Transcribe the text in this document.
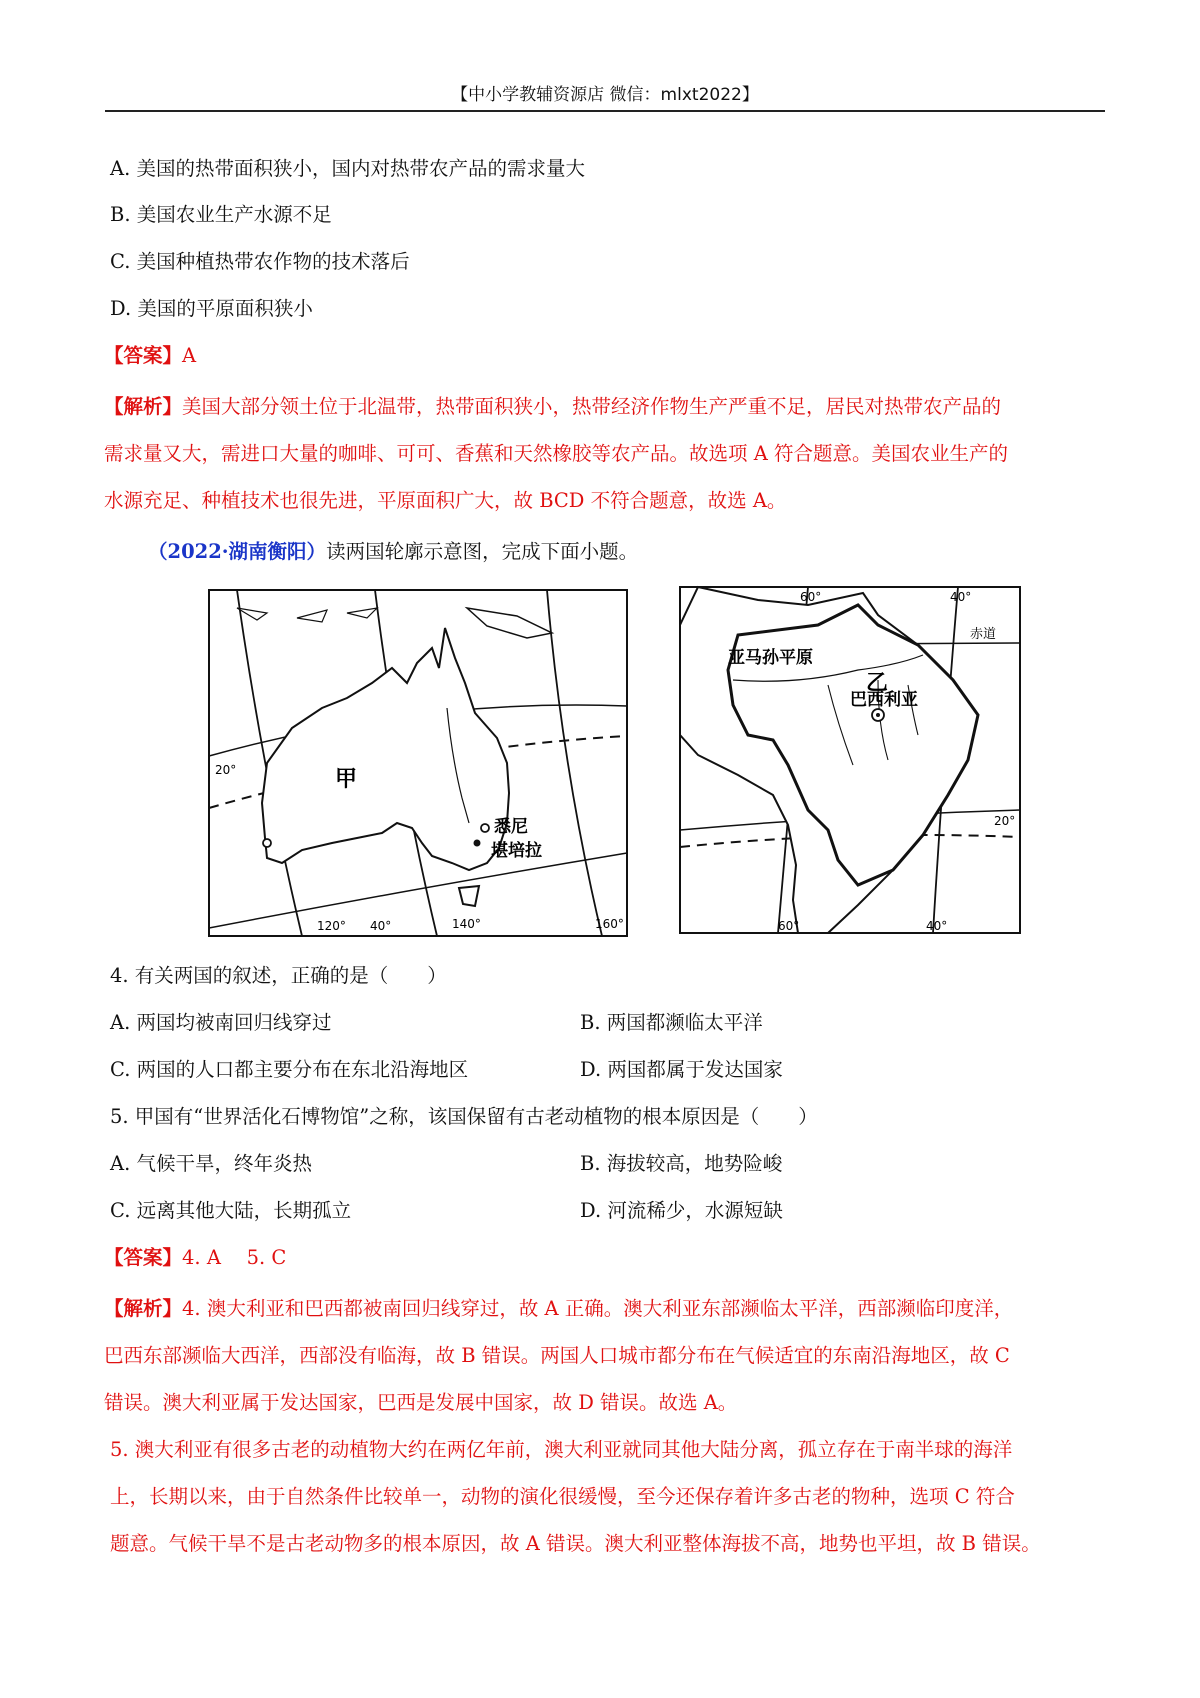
【中小学教辅资源店 微信：mlxt2022】
A. 美国的热带面积狭小，国内对热带农产品的需求量大
B. 美国农业生产水源不足
C. 美国种植热带农作物的技术落后
D. 美国的平原面积狭小
【答案】A
【解析】美国大部分领土位于北温带，热带面积狭小，热带经济作物生产严重不足，居民对热带农产品的
需求量又大，需进口大量的咖啡、可可、香蕉和天然橡胶等农产品。故选项 A 符合题意。美国农业生产的
水源充足、种植技术也很先进，平原面积广大，故 BCD 不符合题意，故选 A。
（2022·湖南衡阳）读两国轮廓示意图，完成下面小题。
甲
悉尼
堪培拉
20°
120° 40°	140°	160°
亚马孙平原
乙
巴西利亚
赤道
20°
60°	40°
60°	40°
4. 有关两国的叙述，正确的是（　　）
A. 两国均被南回归线穿过	B. 两国都濒临太平洋
C. 两国的人口都主要分布在东北沿海地区	D. 两国都属于发达国家
5. 甲国有“世界活化石博物馆”之称，该国保留有古老动植物的根本原因是（　　）
A. 气候干旱，终年炎热	B. 海拔较高，地势险峻
C. 远离其他大陆，长期孤立	D. 河流稀少，水源短缺
【答案】4. A　 5. C
【解析】4. 澳大利亚和巴西都被南回归线穿过，故 A 正确。澳大利亚东部濒临太平洋，西部濒临印度洋，
巴西东部濒临大西洋，西部没有临海，故 B 错误。两国人口城市都分布在气候适宜的东南沿海地区，故 C
错误。澳大利亚属于发达国家，巴西是发展中国家，故 D 错误。故选 A。
5. 澳大利亚有很多古老的动植物大约在两亿年前，澳大利亚就同其他大陆分离，孤立存在于南半球的海洋
上，长期以来，由于自然条件比较单一，动物的演化很缓慢，至今还保存着许多古老的物种，选项 C 符合
题意。气候干旱不是古老动物多的根本原因，故 A 错误。澳大利亚整体海拔不高，地势也平坦，故 B 错误。
